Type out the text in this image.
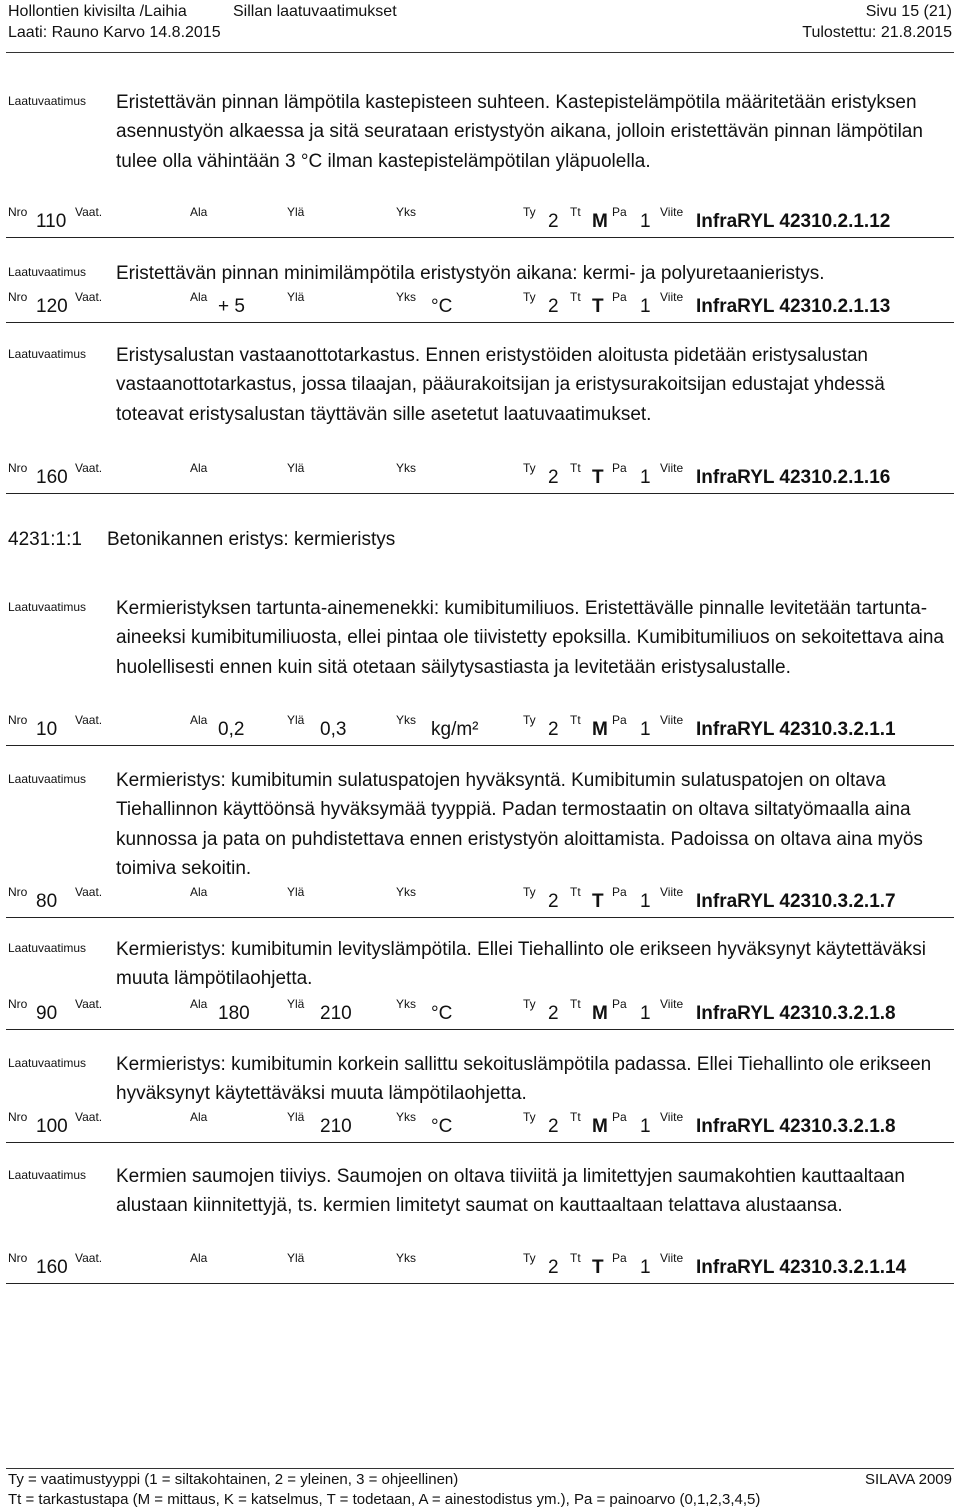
Hollontien kivisilta /Laihia	Sillan laatuvaatimukset	Sivu 15 (21)
Laati: Rauno Karvo 14.8.2015	Tulostettu: 21.8.2015
Laatuvaatimus Eristettävän pinnan lämpötila kastepisteen suhteen. Kastepistelämpötila määritetään eristyksen asennustyön alkaessa ja sitä seurataan eristystyön aikana, jolloin eristettävän pinnan lämpötilan tulee olla vähintään 3 °C ilman kastepistelämpötilan yläpuolella.
Nro 110 Vaat.	Ala	Ylä	Yks	Ty 2 Tt M Pa 1 Viite InfraRYL 42310.2.1.12
Laatuvaatimus Eristettävän pinnan minimilämpötila eristystyön aikana: kermi- ja polyuretaanieristys.
Nro 120 Vaat.	Ala + 5	Ylä	Yks °C	Ty 2 Tt T Pa 1 Viite InfraRYL 42310.2.1.13
Laatuvaatimus Eristysalustan vastaanottotarkastus. Ennen eristystöiden aloitusta pidetään eristysalustan vastaanottotarkastus, jossa tilaajan, pääurakoitsijan ja eristysurakoitsijan edustajat yhdessä toteavat eristysalustan täyttävän sille asetetut laatuvaatimukset.
Nro 160 Vaat.	Ala	Ylä	Yks	Ty 2 Tt T Pa 1 Viite InfraRYL 42310.2.1.16
Laatuvaatimus Kermieristyksen tartunta-ainemenekki: kumibitumiliuos. Eristettävälle pinnalle levitetään tartunta-aineeksi kumibitumiliuosta, ellei pintaa ole tiivistetty epoksilla. Kumibitumiliuos on sekoitettava aina huolellisesti ennen kuin sitä otetaan säilytysastiasta ja levitetään eristysalustalle.
Nro 10 Vaat.	Ala 0,2	Ylä 0,3	Yks kg/m²	Ty 2 Tt M Pa 1 Viite InfraRYL 42310.3.2.1.1
Laatuvaatimus Kermieristys: kumibitumin sulatuspatojen hyväksyntä. Kumibitumin sulatuspatojen on oltava Tiehallinnon käyttöönsä hyväksymää tyyppiä. Padan termostaatin on oltava siltatyömaalla aina kunnossa ja pata on puhdistettava ennen eristystyön aloittamista. Padoissa on oltava aina myös toimiva sekoitin.
Nro 80 Vaat.	Ala	Ylä	Yks	Ty 2 Tt T Pa 1 Viite InfraRYL 42310.3.2.1.7
Laatuvaatimus Kermieristys: kumibitumin levityslämpötila. Ellei Tiehallinto ole erikseen hyväksynyt käytettäväksi muuta lämpötilaohjetta.
Nro 90 Vaat.	Ala 180	Ylä 210	Yks °C	Ty 2 Tt M Pa 1 Viite InfraRYL 42310.3.2.1.8
Laatuvaatimus Kermieristys: kumibitumin korkein sallittu sekoituslämpötila padassa. Ellei Tiehallinto ole erikseen hyväksynyt käytettäväksi muuta lämpötilaohjetta.
Nro 100 Vaat.	Ala	Ylä 210	Yks °C	Ty 2 Tt M Pa 1 Viite InfraRYL 42310.3.2.1.8
Laatuvaatimus Kermien saumojen tiiviys. Saumojen on oltava tiiviitä ja limitettyjen saumakohtien kauttaaltaan alustaan kiinnitettyjä, ts. kermien limitetyt saumat on kauttaaltaan telattava alustaansa.
Nro 160 Vaat.	Ala	Ylä	Yks	Ty 2 Tt T Pa 1 Viite InfraRYL 42310.3.2.1.14
4231:1:1 Betonikannen eristys: kermieristys
Ty = vaatimustyyppi (1 = siltakohtainen, 2 = yleinen, 3 = ohjeellinen)	SILAVA 2009
Tt = tarkastustapa (M = mittaus, K = katselmus, T = todetaan, A = ainestodistus ym.), Pa = painoarvo (0,1,2,3,4,5)
